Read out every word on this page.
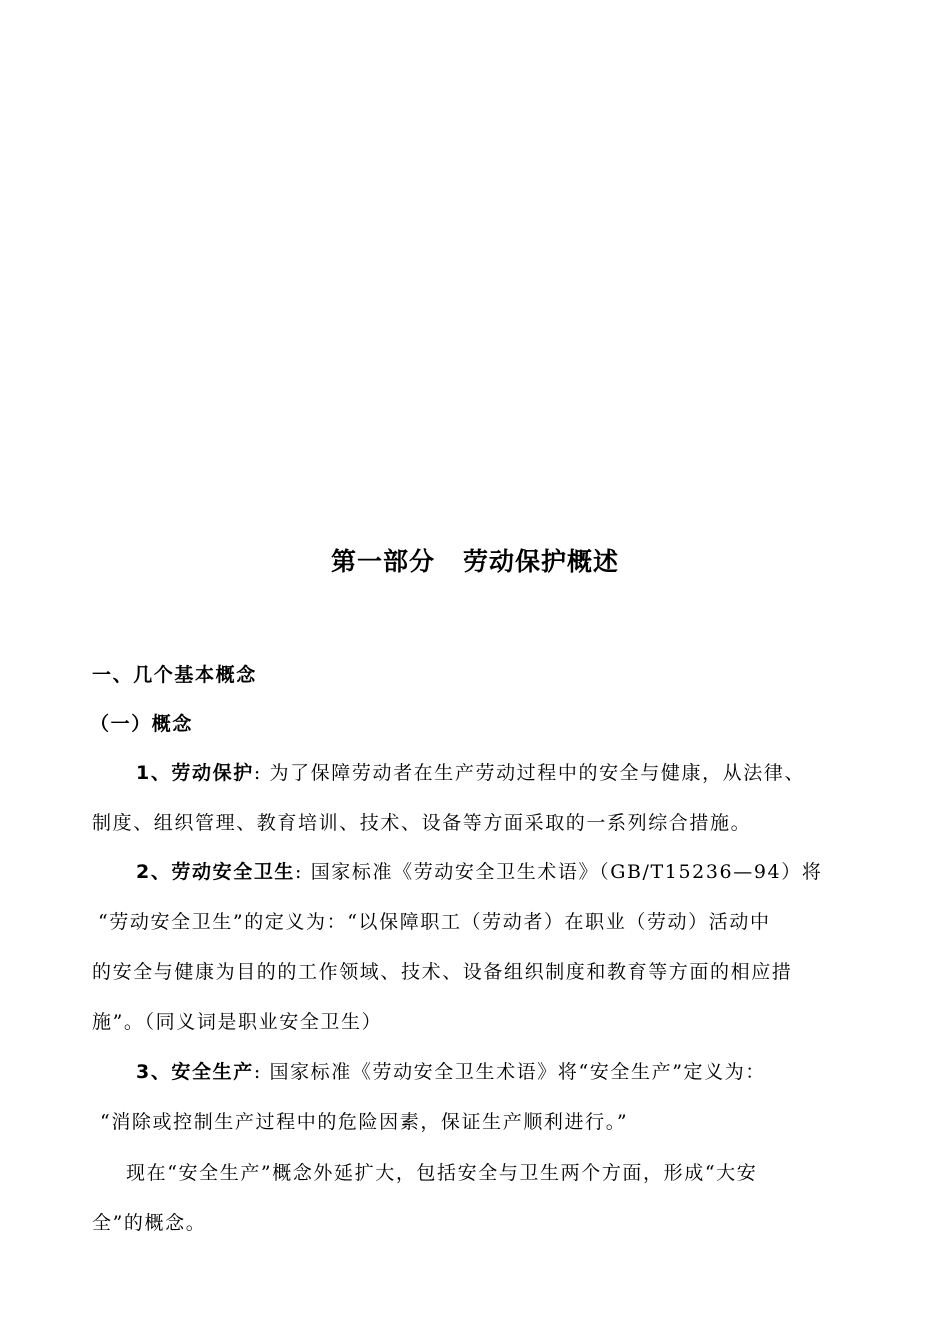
第一部分 劳动保护概述
一、几个基本概念
（一）概念
1、劳动保护: 为了保障劳动者在生产劳动过程中的安全与健康，从法律、
制度、组织管理、教育培训、技术、设备等方面采取的一系列综合措施。
2、劳动安全卫生: 国家标准《劳动安全卫生术语》（GB/T15236—94）将
“劳动安全卫生”的定义为：“以保障职工（劳动者）在职业（劳动）活动中
的安全与健康为目的的工作领域、技术、设备组织制度和教育等方面的相应措
施”。（同义词是职业安全卫生）
3、安全生产: 国家标准《劳动安全卫生术语》将“安全生产”定义为：
“消除或控制生产过程中的危险因素，保证生产顺利进行。”
现在“安全生产”概念外延扩大，包括安全与卫生两个方面，形成“大安
全”的概念。
